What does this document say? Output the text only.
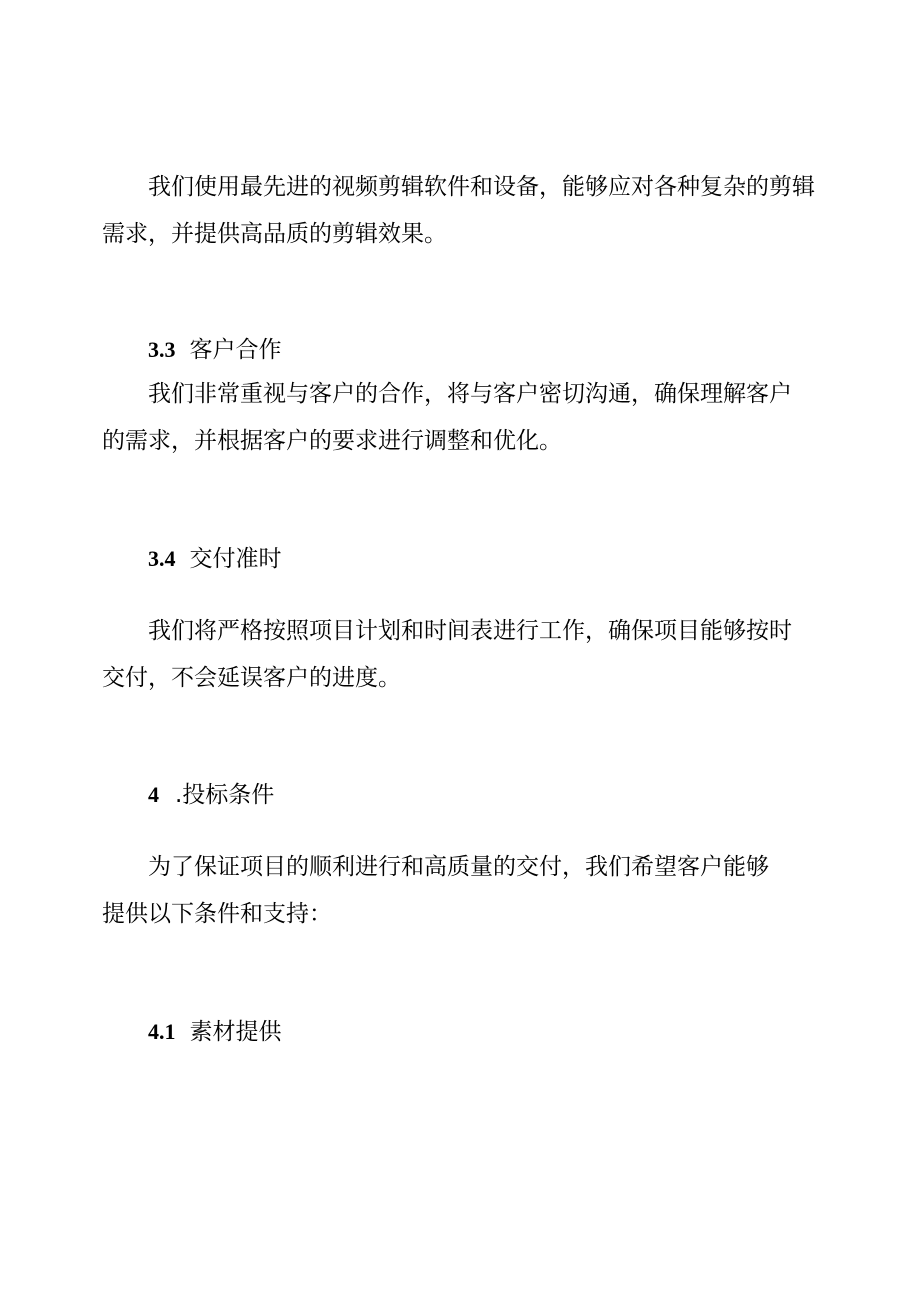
我们使用最先进的视频剪辑软件和设备，能够应对各种复杂的剪辑
需求，并提供高品质的剪辑效果。
3.3 客户合作
我们非常重视与客户的合作，将与客户密切沟通，确保理解客户
的需求，并根据客户的要求进行调整和优化。
3.4 交付准时
我们将严格按照项目计划和时间表进行工作，确保项目能够按时
交付，不会延误客户的进度。
4 .投标条件
为了保证项目的顺利进行和高质量的交付，我们希望客户能够
提供以下条件和支持：
4.1 素材提供
